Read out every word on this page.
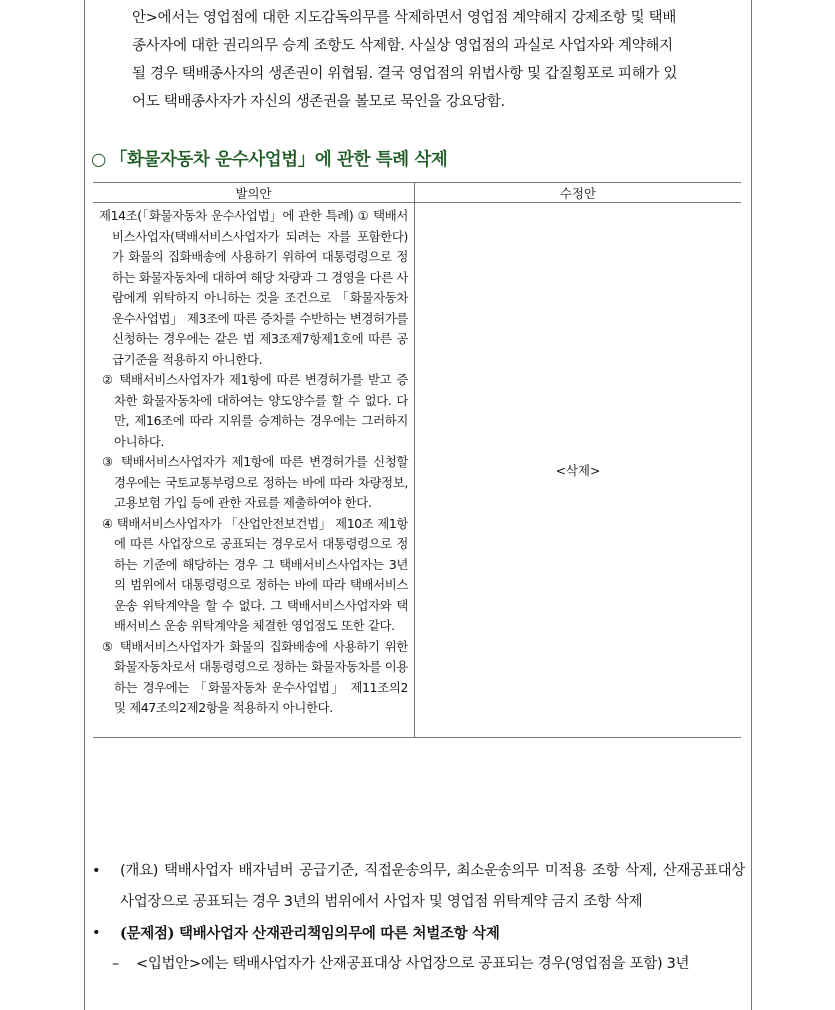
안>에서는 영업점에 대한 지도감독의무를 삭제하면서 영업점 계약해지 강제조항 및 택배

종사자에 대한 권리의무 승계 조항도 삭제함. 사실상 영업점의 과실로 사업자와 계약해지

될 경우 택배종사자의 생존권이 위협됨. 결국 영업점의 위법사항 및 갑질횡포로 피해가 있

어도 택배종사자가 자신의 생존권을 볼모로 묵인을 강요당함.

○ 「화물자동차 운수사업법」에 관한 특례 삭제
발의안	수정안

제14조(「화물자동차 운수사업법」에 관한 특례) ① 택배서비스사업자(택배서비스사업자가 되려는 자를 포함한다)가 화물의 집화배송에 사용하기 위하여 대통령령으로 정하는 화물자동차에 대하여 해당 차량과 그 경영을 다른 사람에게 위탁하지 아니하는 것을 조건으로 「화물자동차 운수사업법」 제3조에 따른 증차를 수반하는 변경허가를 신청하는 경우에는 같은 법 제3조제7항제1호에 따른 공급기준을 적용하지 아니한다.

② 택배서비스사업자가 제1항에 따른 변경허가를 받고 증차한 화물자동차에 대하여는 양도양수를 할 수 없다. 다만, 제16조에 따라 지위를 승계하는 경우에는 그러하지 아니하다.

③ 택배서비스사업자가 제1항에 따른 변경허가를 신청할 경우에는 국토교통부령으로 정하는 바에 따라 차량정보, 고용보험 가입 등에 관한 자료를 제출하여야 한다.

④ 택배서비스사업자가 「산업안전보건법」 제10조 제1항에 따른 사업장으로 공표되는 경우로서 대통령령으로 정하는 기준에 해당하는 경우 그 택배서비스사업자는 3년의 범위에서 대통령령으로 정하는 바에 따라 택배서비스 운송 위탁계약을 할 수 없다. 그 택배서비스사업자와 택배서비스 운송 위탁계약을 체결한 영업점도 또한 같다.

⑤ 택배서비스사업자가 화물의 집화배송에 사용하기 위한 화물자동차로서 대통령령으로 정하는 화물자동차를 이용하는 경우에는 「화물자동차 운수사업법」 제11조의2 및 제47조의2제2항을 적용하지 아니한다.	<삭제>
•	(개요) 택배사업자 배자넘버 공급기준, 직접운송의무, 최소운송의무 미적용 조항 삭제, 산재공표대상 사업장으로 공표되는 경우 3년의 범위에서 사업자 및 영업점 위탁계약 금지 조항 삭제
•	(문제점) 택배사업자 산재관리책임의무에 따른 처벌조항 삭제
–	<입법안>에는 택배사업자가 산재공표대상 사업장으로 공표되는 경우(영업점을 포함) 3년
